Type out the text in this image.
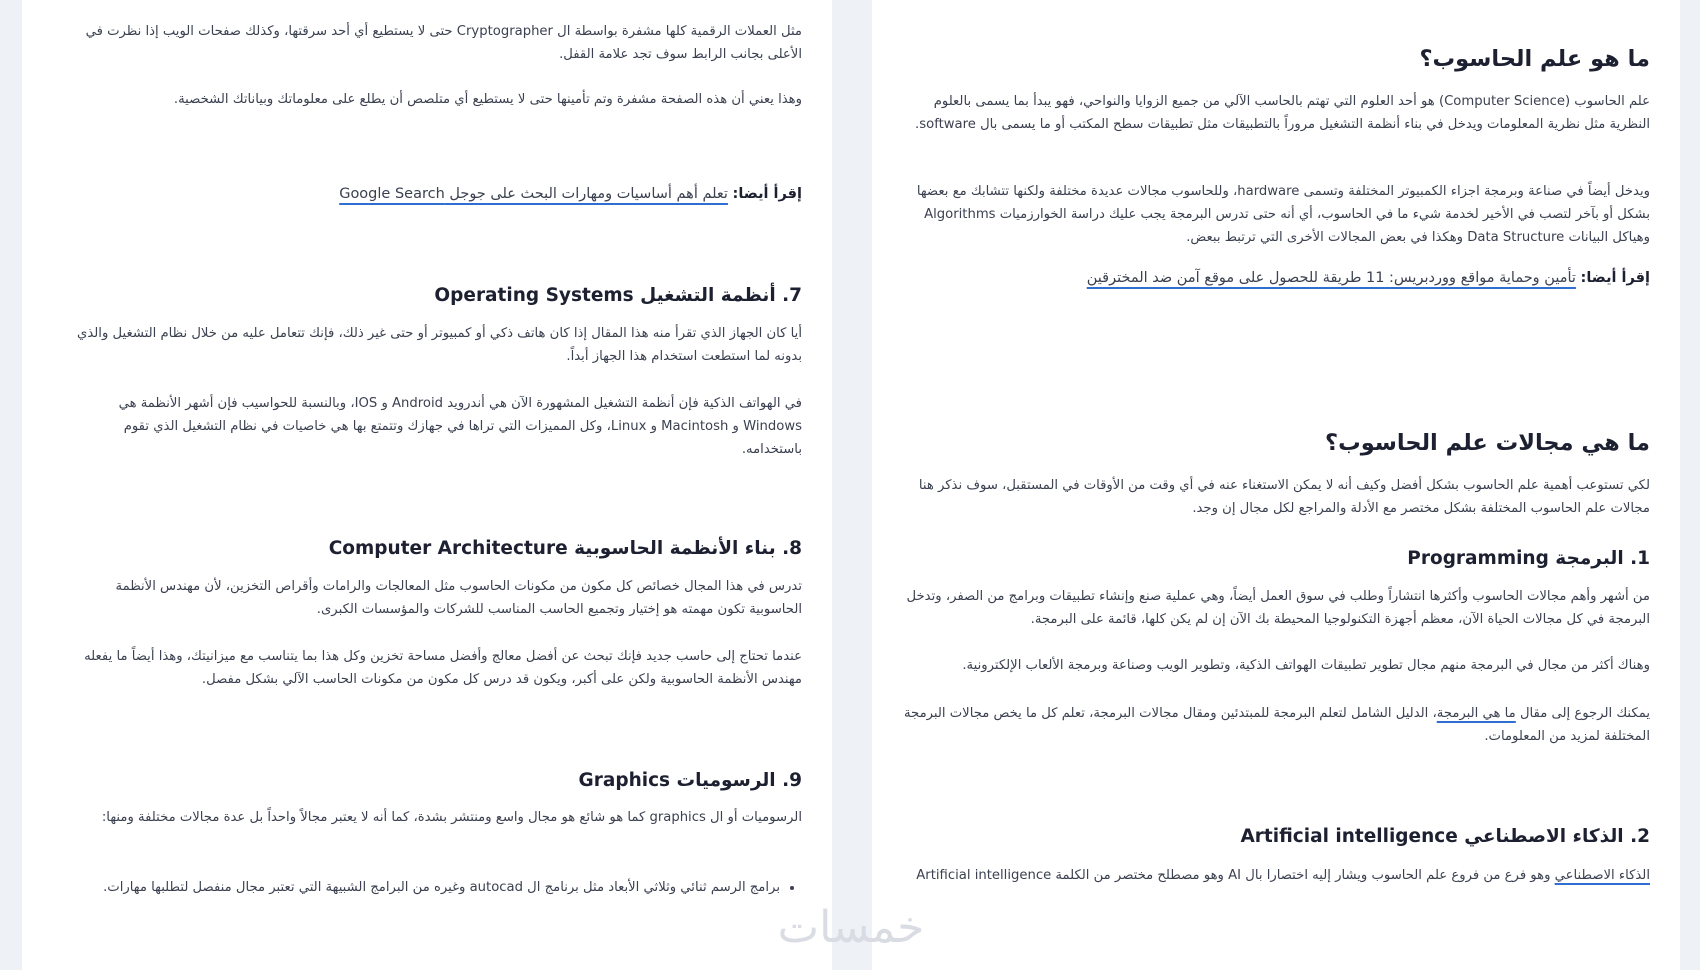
مثل العملات الرقمية كلها مشفرة بواسطة ال Cryptographer حتى لا يستطيع أي أحد سرقتها، وكذلك صفحات الويب إذا نظرت في الأعلى بجانب الرابط سوف تجد علامة القفل.

وهذا يعني أن هذه الصفحة مشفرة وتم تأمينها حتى لا يستطيع أي متلصص أن يطلع على معلوماتك وبياناتك الشخصية.

إقرأ أيضا: تعلم أهم أساسيات ومهارات البحث على جوجل Google Search
7. أنظمة التشغيل Operating Systems

أيا كان الجهاز الذي تقرأ منه هذا المقال إذا كان هاتف ذكي أو كمبيوتر أو حتى غير ذلك، فإنك تتعامل عليه من خلال نظام التشغيل والذي بدونه لما استطعت استخدام هذا الجهاز أبداً.

في الهواتف الذكية فإن أنظمة التشغيل المشهورة الآن هي أندرويد Android و IOS، وبالنسبة للحواسيب فإن أشهر الأنظمة هي Windows و Macintosh و Linux، وكل المميزات التي تراها في جهازك وتتمتع بها هي خاصيات في نظام التشغيل الذي تقوم باستخدامه.

8. بناء الأنظمة الحاسوبية Computer Architecture

تدرس في هذا المجال خصائص كل مكون من مكونات الحاسوب مثل المعالجات والرامات وأقراص التخزين، لأن مهندس الأنظمة الحاسوبية تكون مهمته هو إختيار وتجميع الحاسب المناسب للشركات والمؤسسات الكبرى.

عندما تحتاج إلى حاسب جديد فإنك تبحث عن أفضل معالج وأفضل مساحة تخزين وكل هذا بما يتناسب مع ميزانيتك، وهذا أيضاً ما يفعله مهندس الأنظمة الحاسوبية ولكن على أكبر، ويكون قد درس كل مكون من مكونات الحاسب الآلي بشكل مفصل.

9. الرسوميات Graphics

الرسوميات أو ال graphics كما هو شائع هو مجال واسع ومنتشر بشدة، كما أنه لا يعتبر مجالاً واحداً بل عدة مجالات مختلفة ومنها:

• برامج الرسم ثنائي وثلاثي الأبعاد مثل برنامج ال autocad وغيره من البرامج الشبيهة التي تعتبر مجال منفصل لتطلبها مهارات.
ما هو علم الحاسوب؟

علم الحاسوب (Computer Science) هو أحد العلوم التي تهتم بالحاسب الآلي من جميع الزوايا والنواحي، فهو يبدأ بما يسمى بالعلوم النظرية مثل نظرية المعلومات ويدخل في بناء أنظمة التشغيل مروراً بالتطبيقات مثل تطبيقات سطح المكتب أو ما يسمى بال software.

ويدخل أيضاً في صناعة وبرمجة اجزاء الكمبيوتر المختلفة وتسمى hardware، وللحاسوب مجالات عديدة مختلفة ولكنها تتشابك مع بعضها بشكل أو بآخر لتصب في الأخير لخدمة شيء ما في الحاسوب، أي أنه حتى تدرس البرمجة يجب عليك دراسة الخوارزميات Algorithms وهياكل البيانات Data Structure وهكذا في بعض المجالات الأخرى التي ترتبط ببعض.

إقرأ أيضا: تأمين وحماية مواقع ووردبريس: 11 طريقة للحصول على موقع آمن ضد المخترقين
ما هي مجالات علم الحاسوب؟

لكي تستوعب أهمية علم الحاسوب بشكل أفضل وكيف أنه لا يمكن الاستغناء عنه في أي وقت من الأوقات في المستقبل، سوف نذكر هنا مجالات علم الحاسوب المختلفة بشكل مختصر مع الأدلة والمراجع لكل مجال إن وجد.

1. البرمجة Programming

من أشهر وأهم مجالات الحاسوب وأكثرها انتشاراً وطلب في سوق العمل أيضاً، وهي عملية صنع وإنشاء تطبيقات وبرامج من الصفر، وتدخل البرمجة في كل مجالات الحياة الآن، معظم أجهزة التكنولوجيا المحيطة بك الآن إن لم يكن كلها، قائمة على البرمجة.

وهناك أكثر من مجال في البرمجة منهم مجال تطوير تطبيقات الهواتف الذكية، وتطوير الويب وصناعة وبرمجة الألعاب الإلكترونية.

يمكنك الرجوع إلى مقال ما هي البرمجة، الدليل الشامل لتعلم البرمجة للمبتدئين ومقال مجالات البرمجة، تعلم كل ما يخص مجالات البرمجة المختلفة لمزيد من المعلومات.

2. الذكاء الاصطناعي Artificial intelligence

الذكاء الاصطناعي وهو فرع من فروع علم الحاسوب ويشار إليه اختصارا بال AI وهو مصطلح مختصر من الكلمة Artificial intelligence

خمسات
